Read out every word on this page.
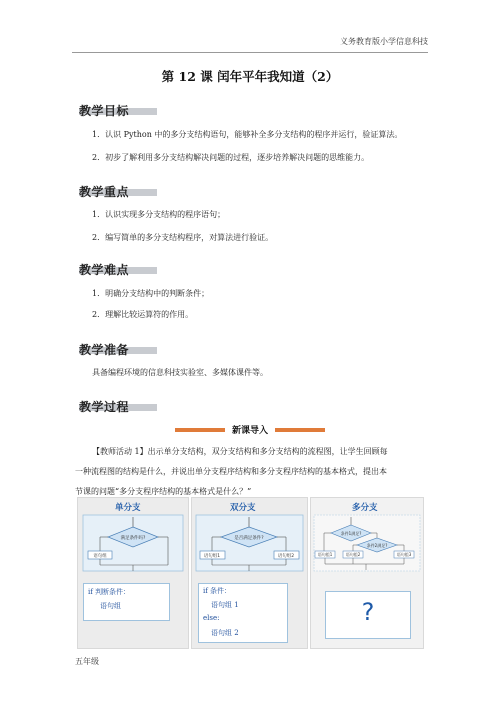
义务教育版小学信息科技
第 12 课 闰年平年我知道（2）
教学目标
1．认识 Python 中的多分支结构语句，能够补全多分支结构的程序并运行，验证算法。
2．初步了解利用多分支结构解决问题的过程，逐步培养解决问题的思维能力。
教学重点
1．认识实现多分支结构的程序语句；
2．编写简单的多分支结构程序，对算法进行验证。
教学难点
1．明确分支结构中的判断条件；
2．理解比较运算符的作用。
教学准备
具备编程环境的信息科技实验室、多媒体课件等。
教学过程
新课导入
【教师活动 1】出示单分支结构，双分支结构和多分支结构的流程图，让学生回顾每
一种流程图的结构是什么，并说出单分支程序结构和多分支程序结构的基本格式，提出本
节课的问题“多分支程序结构的基本格式是什么？”
单分支
满足条件吗?
语句组
if 判断条件：
语句组
双分支
是否满足条件?
语句组1	语句组2
if 条件：
语句组 1
else:
语句组 2
多分支
条件1满足?
语句组1
条件2满足?
语句组2	语句组3
?
五年级
